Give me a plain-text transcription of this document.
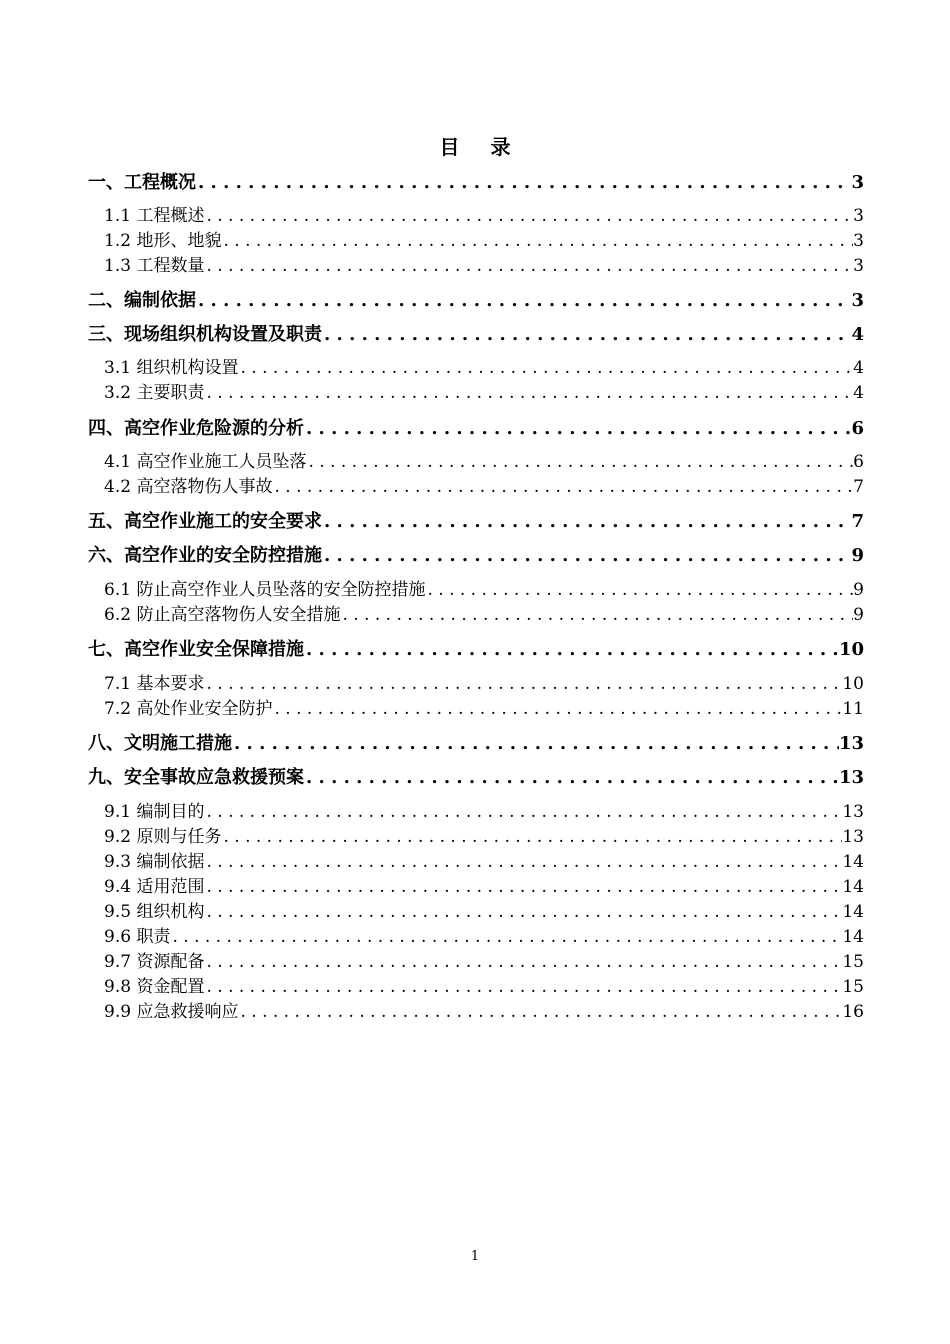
目 录
一、工程概况 . . .	3
1.1 工程概述 . . .	3
1.2 地形、地貌 . . .	3
1.3 工程数量 . . .	3
二、编制依据 . . .	3
三、现场组织机构设置及职责 . . .	4
3.1 组织机构设置 . . .	4
3.2 主要职责 . . .	4
四、高空作业危险源的分析 . . .	6
4.1 高空作业施工人员坠落 . . .	6
4.2 高空落物伤人事故 . . .	7
五、高空作业施工的安全要求 . . .	7
六、高空作业的安全防控措施 . . .	9
6.1 防止高空作业人员坠落的安全防控措施 . . .	9
6.2 防止高空落物伤人安全措施 . . .	9
七、高空作业安全保障措施 . . .	10
7.1 基本要求 . . .	10
7.2 高处作业安全防护 . . .	11
八、文明施工措施 . . .	13
九、安全事故应急救援预案 . . .	13
9.1 编制目的 . . .	13
9.2 原则与任务 . . .	13
9.3 编制依据 . . .	14
9.4 适用范围 . . .	14
9.5 组织机构 . . .	14
9.6 职责 . . .	14
9.7 资源配备 . . .	15
9.8 资金配置 . . .	15
9.9 应急救援响应 . . .	16
1
